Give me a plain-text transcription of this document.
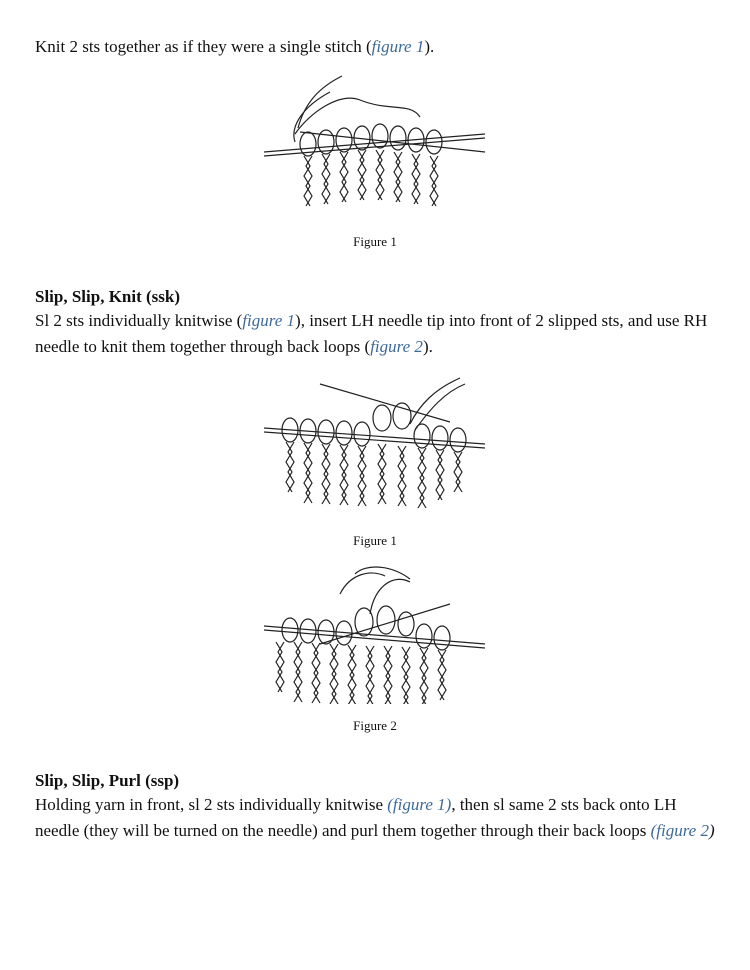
Knit 2 sts together as if they were a single stitch (figure 1).

Figure 1

Slip, Slip, Knit (ssk)

Sl 2 sts individually knitwise (figure 1), insert LH needle tip into front of 2 slipped sts, and use RH needle to knit them together through back loops (figure 2).

Figure 1
Figure 2

Slip, Slip, Purl (ssp)

Holding yarn in front, sl 2 sts individually knitwise (figure 1), then sl same 2 sts back onto LH needle (they will be turned on the needle) and purl them together through their back loops (figure 2)
